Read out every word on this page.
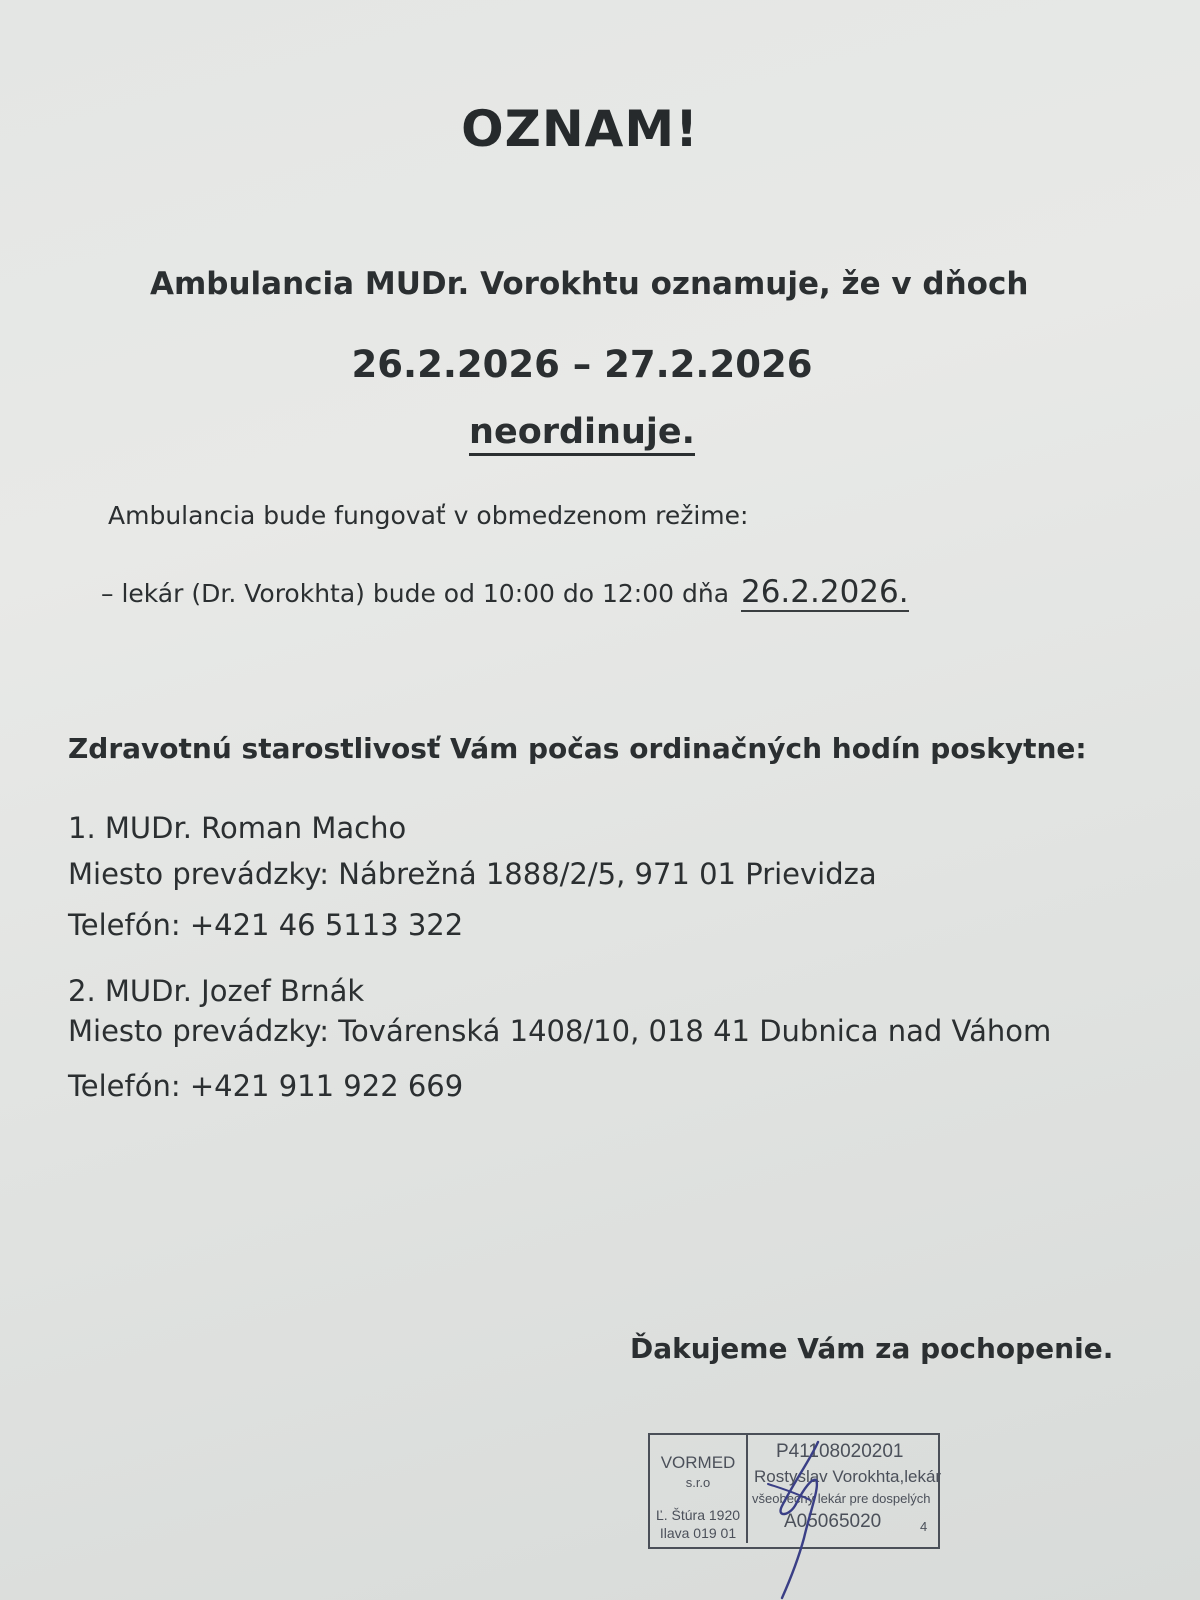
OZNAM!
Ambulancia MUDr. Vorokhtu oznamuje, že v dňoch
26.2.2026 – 27.2.2026
neordinuje.
Ambulancia bude fungovať v obmedzenom režime:
– lekár (Dr. Vorokhta) bude od 10:00 do 12:00 dňa 26.2.2026.
Zdravotnú starostlivosť Vám počas ordinačných hodín poskytne:
1. MUDr. Roman Macho
Miesto prevádzky: Nábrežná 1888/2/5, 971 01 Prievidza
Telefón: +421 46 5113 322
2. MUDr. Jozef Brnák
Miesto prevádzky: Továrenská 1408/10, 018 41 Dubnica nad Váhom
Telefón: +421 911 922 669
Ďakujeme Vám za pochopenie.
VORMED
s.r.o
Ľ. Štúra 1920
Ilava 019 01
P41108020201
Rostyslav Vorokhta,lekár
všeobecný lekár pre dospelých
A05065020	4
